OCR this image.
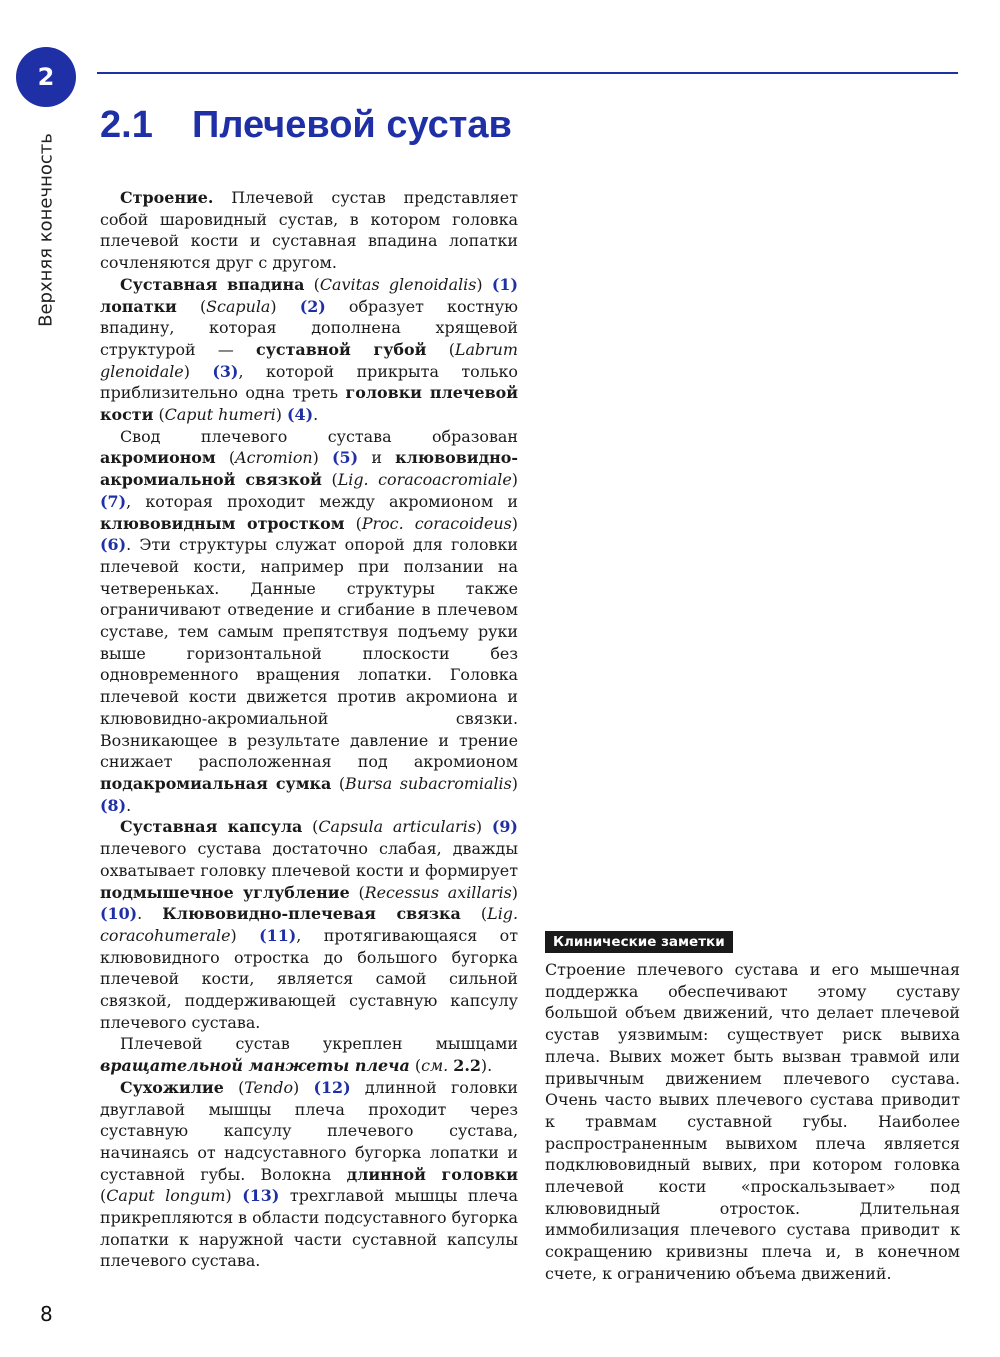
2
Верхняя конечность
2.1 Плечевой сустав

Строение. Плечевой сустав представляет собой шаровидный сустав, в котором головка плечевой кости и суставная впадина лопатки сочленяются друг с другом.

Суставная впадина (Cavitas glenoidalis) (1) лопатки (Scapula) (2) образует костную впадину, которая дополнена хрящевой структурой — суставной губой (Labrum glenoidale) (3), которой прикрыта только приблизительно одна треть головки плечевой кости (Caput humeri) (4).

Свод плечевого сустава образован акромионом (Acromion) (5) и клювовидно-акромиальной связкой (Lig. coracoacromiale) (7), которая проходит между акромионом и клювовидным отростком (Proc. coracoideus) (6). Эти структуры служат опорой для головки плечевой кости, например при ползании на четвереньках. Данные структуры также ограничивают отведение и сгибание в плечевом суставе, тем самым препятствуя подъему руки выше горизонтальной плоскости без одновременного вращения лопатки. Головка плечевой кости движется против акромиона и клювовидно-акромиальной связки. Возникающее в результате давление и трение снижает расположенная под акромионом подакромиальная сумка (Bursa subacromialis) (8).

Суставная капсула (Capsula articularis) (9) плечевого сустава достаточно слабая, дважды охватывает головку плечевой кости и формирует подмышечное углубление (Recessus axillaris) (10). Клювовидно-плечевая связка (Lig. coracohumerale) (11), протягивающаяся от клювовидного отростка до большого бугорка плечевой кости, является самой сильной связкой, поддерживающей суставную капсулу плечевого сустава.

Плечевой сустав укреплен мышцами вращательной манжеты плеча (см. 2.2).

Сухожилие (Tendo) (12) длинной головки двуглавой мышцы плеча проходит через суставную капсулу плечевого сустава, начинаясь от надсуставного бугорка лопатки и суставной губы. Волокна длинной головки (Caput longum) (13) трехглавой мышцы плеча прикрепляются в области подсуставного бугорка лопатки к наружной части суставной капсулы плечевого сустава.

Клинические заметки

Строение плечевого сустава и его мышечная поддержка обеспечивают этому суставу большой объем движений, что делает плечевой сустав уязвимым: существует риск вывиха плеча. Вывих может быть вызван травмой или привычным движением плечевого сустава. Очень часто вывих плечевого сустава приводит к травмам суставной губы. Наиболее распространенным вывихом плеча является подклювовидный вывих, при котором головка плечевой кости «проскальзывает» под клювовидный отросток. Длительная иммобилизация плечевого сустава приводит к сокращению кривизны плеча и, в конечном счете, к ограничению объема движений.

8
